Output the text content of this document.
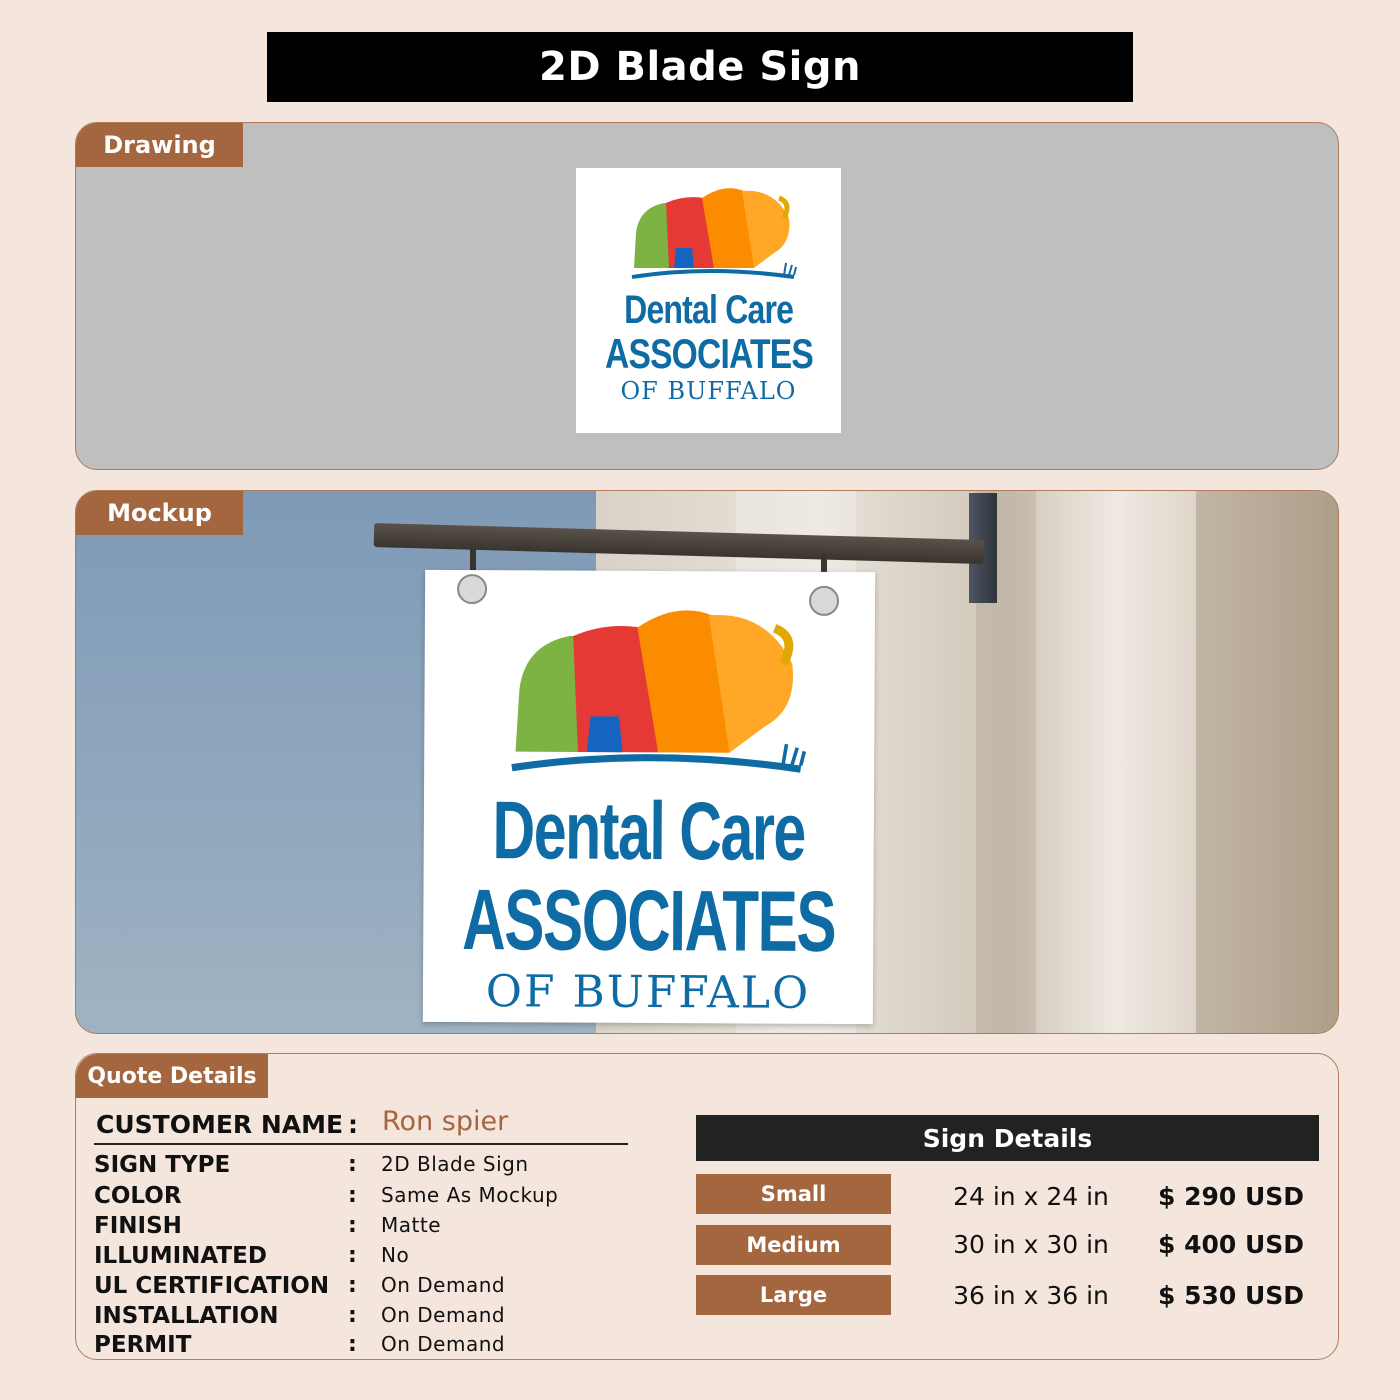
2D Blade Sign
Drawing
Dental Care
ASSOCIATES
OF BUFFALO
Dental Care
ASSOCIATES
OF BUFFALO
Mockup
Quote Details
CUSTOMER NAME : Ron spier
SIGN TYPE	: 2D Blade Sign
COLOR	: Same As Mockup
FINISH	: Matte
ILLUMINATED	: No
UL CERTIFICATION : On Demand
INSTALLATION	: On Demand
PERMIT	: On Demand
Sign Details
Small	24 in x 24 in	$ 290 USD
Medium	30 in x 30 in	$ 400 USD
Large	36 in x 36 in	$ 530 USD
